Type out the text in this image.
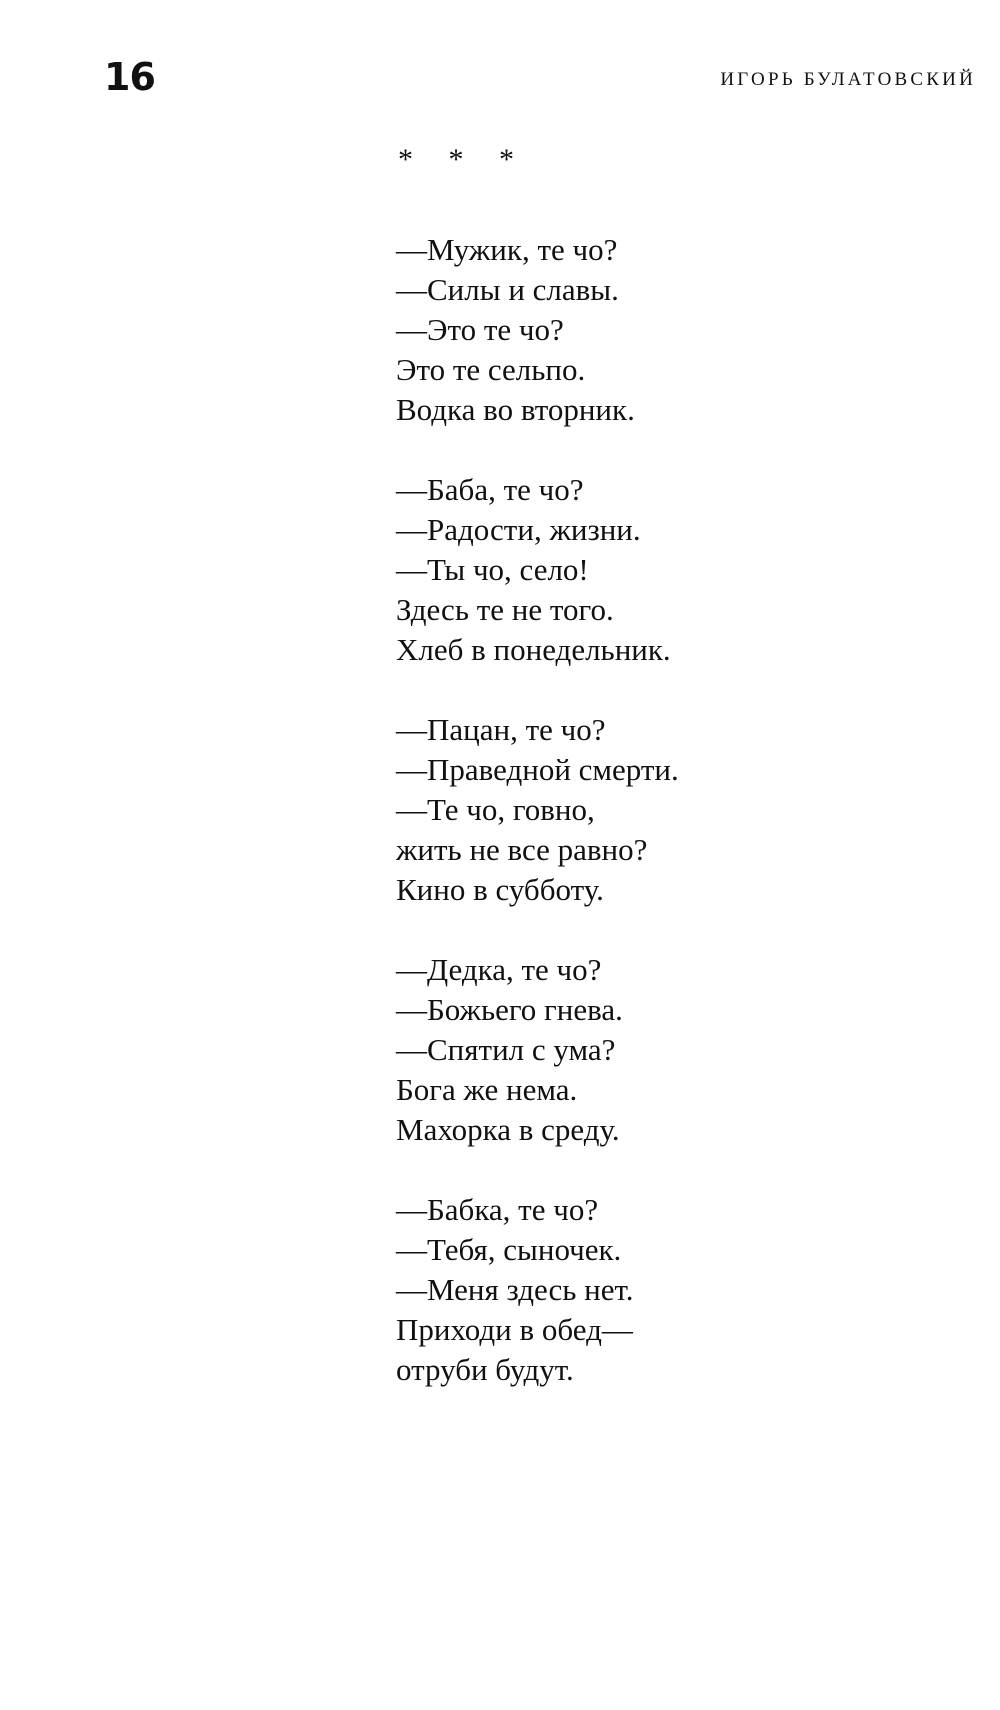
16	ИГОРЬ БУЛАТОВСКИЙ
* * *
—Мужик, те чо?
—Силы и славы.
—Это те чо?
Это те сельпо.
Водка во вторник.
—Баба, те чо?
—Радости, жизни.
—Ты чо, село!
Здесь те не того.
Хлеб в понедельник.
—Пацан, те чо?
—Праведной смерти.
—Те чо, говно,
жить не все равно?
Кино в субботу.
—Дедка, те чо?
—Божьего гнева.
—Спятил с ума?
Бога же нема.
Махорка в среду.
—Бабка, те чо?
—Тебя, сыночек.
—Меня здесь нет.
Приходи в обед—
отруби будут.
